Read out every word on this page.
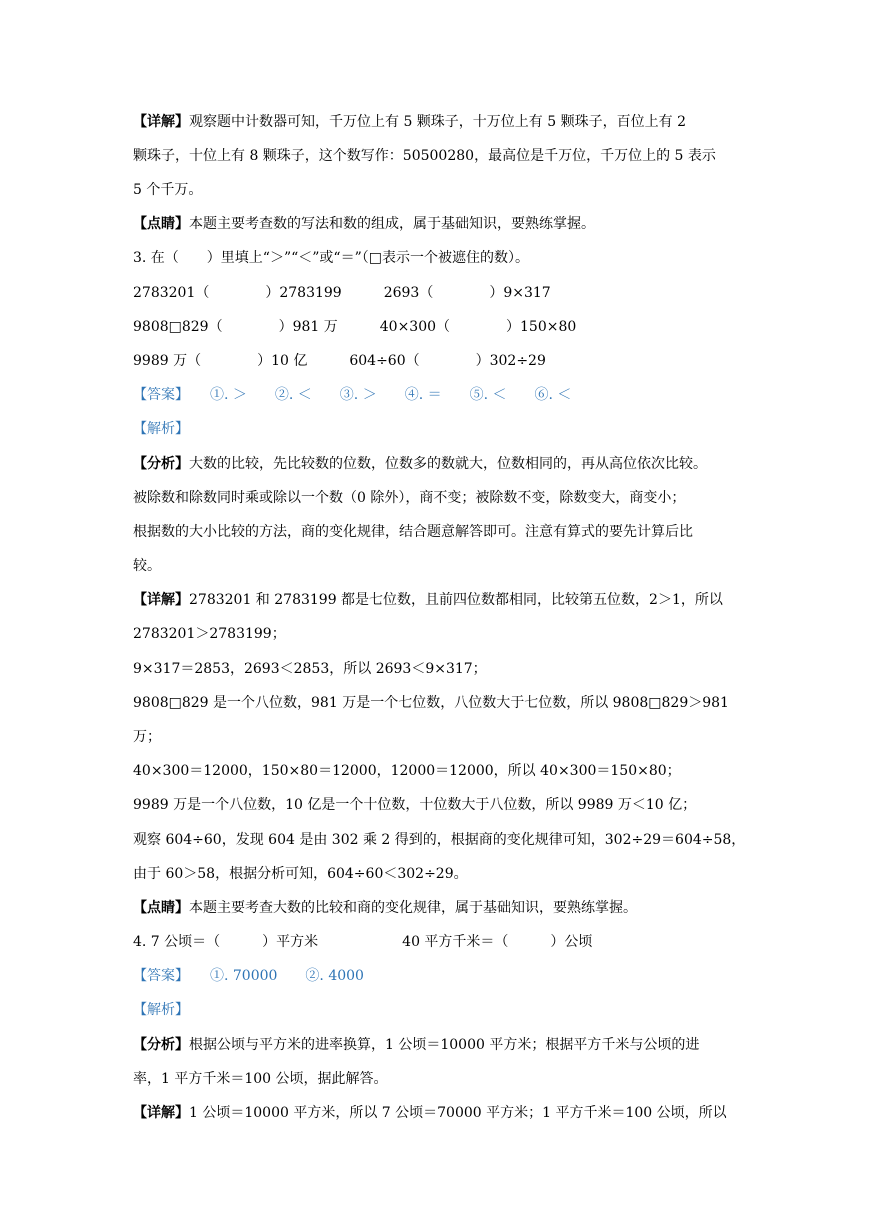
【详解】观察题中计数器可知，千万位上有 5 颗珠子，十万位上有 5 颗珠子，百位上有 2
颗珠子，十位上有 8 颗珠子，这个数写作：50500280，最高位是千万位，千万位上的 5 表示
5 个千万。
【点睛】本题主要考查数的写法和数的组成，属于基础知识，要熟练掌握。
3. 在（　　）里填上“＞”“＜”或“＝”（□表示一个被遮住的数）。
2783201（　　　　）2783199　　　2693（　　　　）9×317
9808□829（　　　　）981 万　　　40×300（　　　　）150×80
9989 万（　　　　）10 亿　　　604÷60（　　　　）302÷29
【答案】　　①. ＞　　②. ＜　　③. ＞　　④. ＝　　⑤. ＜　　⑥. ＜
【解析】
【分析】大数的比较，先比较数的位数，位数多的数就大，位数相同的，再从高位依次比较。
被除数和除数同时乘或除以一个数（0 除外），商不变；被除数不变，除数变大，商变小；
根据数的大小比较的方法，商的变化规律，结合题意解答即可。注意有算式的要先计算后比
较。
【详解】2783201 和 2783199 都是七位数，且前四位数都相同，比较第五位数，2＞1，所以
2783201＞2783199；
9×317＝2853，2693＜2853，所以 2693＜9×317；
9808□829 是一个八位数，981 万是一个七位数，八位数大于七位数，所以 9808□829＞981
万；
40×300＝12000，150×80＝12000，12000＝12000，所以 40×300＝150×80；
9989 万是一个八位数，10 亿是一个十位数，十位数大于八位数，所以 9989 万＜10 亿；
观察 604÷60，发现 604 是由 302 乘 2 得到的，根据商的变化规律可知，302÷29＝604÷58，
由于 60＞58，根据分析可知，604÷60＜302÷29。
【点睛】本题主要考查大数的比较和商的变化规律，属于基础知识，要熟练掌握。
4. 7 公顷＝（　　　）平方米　　　　　　40 平方千米＝（　　　）公顷
【答案】　　①. 70000　　②. 4000
【解析】
【分析】根据公顷与平方米的进率换算，1 公顷＝10000 平方米；根据平方千米与公顷的进
率，1 平方千米＝100 公顷，据此解答。
【详解】1 公顷＝10000 平方米，所以 7 公顷＝70000 平方米；1 平方千米＝100 公顷，所以
